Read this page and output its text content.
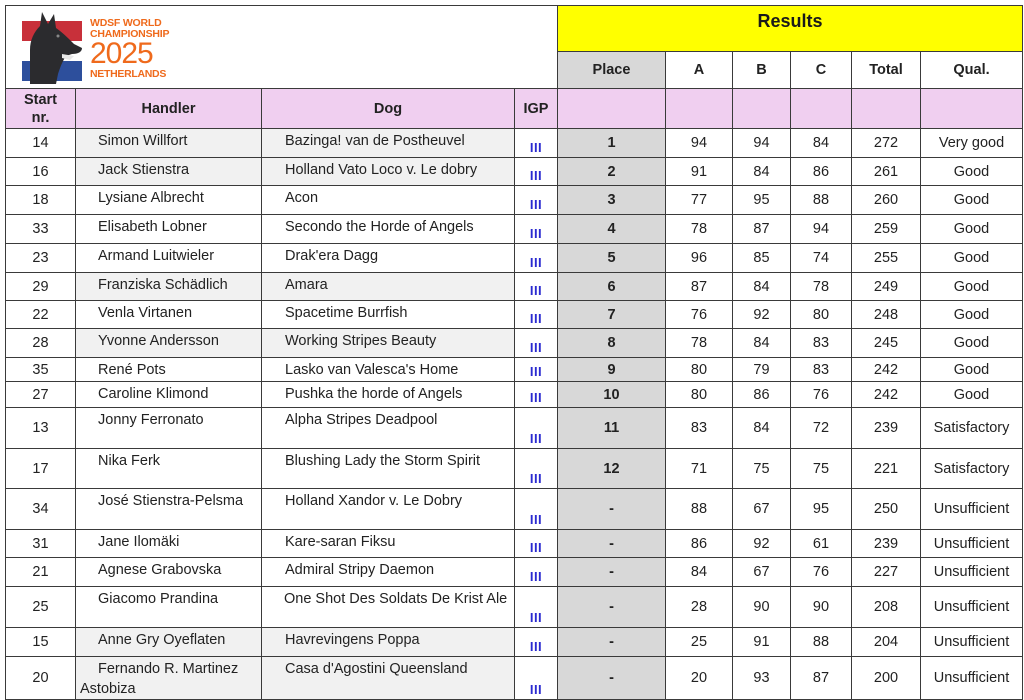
WDSF WORLD
CHAMPIONSHIP
2025
NETHERLANDS				Results					
				Place	A	B	C	Total	Qual.
Start nr.	Handler	Dog	IGP						
14	Simon Willfort	Bazinga! van de Postheuvel	III	1	94	94	84	272	Very good
16	Jack Stienstra	Holland Vato Loco v. Le dobry	III	2	91	84	86	261	Good
18	Lysiane Albrecht	Acon	III	3	77	95	88	260	Good
33	Elisabeth Lobner	Secondo the Horde of Angels	III	4	78	87	94	259	Good
23	Armand Luitwieler	Drak'era Dagg	III	5	96	85	74	255	Good
29	Franziska Schädlich	Amara	III	6	87	84	78	249	Good
22	Venla Virtanen	Spacetime Burrfish	III	7	76	92	80	248	Good
28	Yvonne Andersson	Working Stripes Beauty	III	8	78	84	83	245	Good
35	René Pots	Lasko van Valesca's Home	III	9	80	79	83	242	Good
27	Caroline Klimond	Pushka the horde of Angels	III	10	80	86	76	242	Good
13	Jonny Ferronato	Alpha Stripes Deadpool	III	11	83	84	72	239	Satisfactory
17	Nika Ferk	Blushing Lady the Storm Spirit	III	12	71	75	75	221	Satisfactory
34	José Stienstra-Pelsma	Holland Xandor v. Le Dobry	III	-	88	67	95	250	Unsufficient
31	Jane Ilomäki	Kare-saran Fiksu	III	-	86	92	61	239	Unsufficient
21	Agnese Grabovska	Admiral Stripy Daemon	III	-	84	67	76	227	Unsufficient
25	Giacomo Prandina	One Shot Des Soldats De Krist Ale	III	-	28	90	90	208	Unsufficient
15	Anne Gry Oyeflaten	Havrevingens Poppa	III	-	25	91	88	204	Unsufficient
20	Fernando R. Martinez Astobiza	Casa d'Agostini Queensland	III	-	20	93	87	200	Unsufficient
